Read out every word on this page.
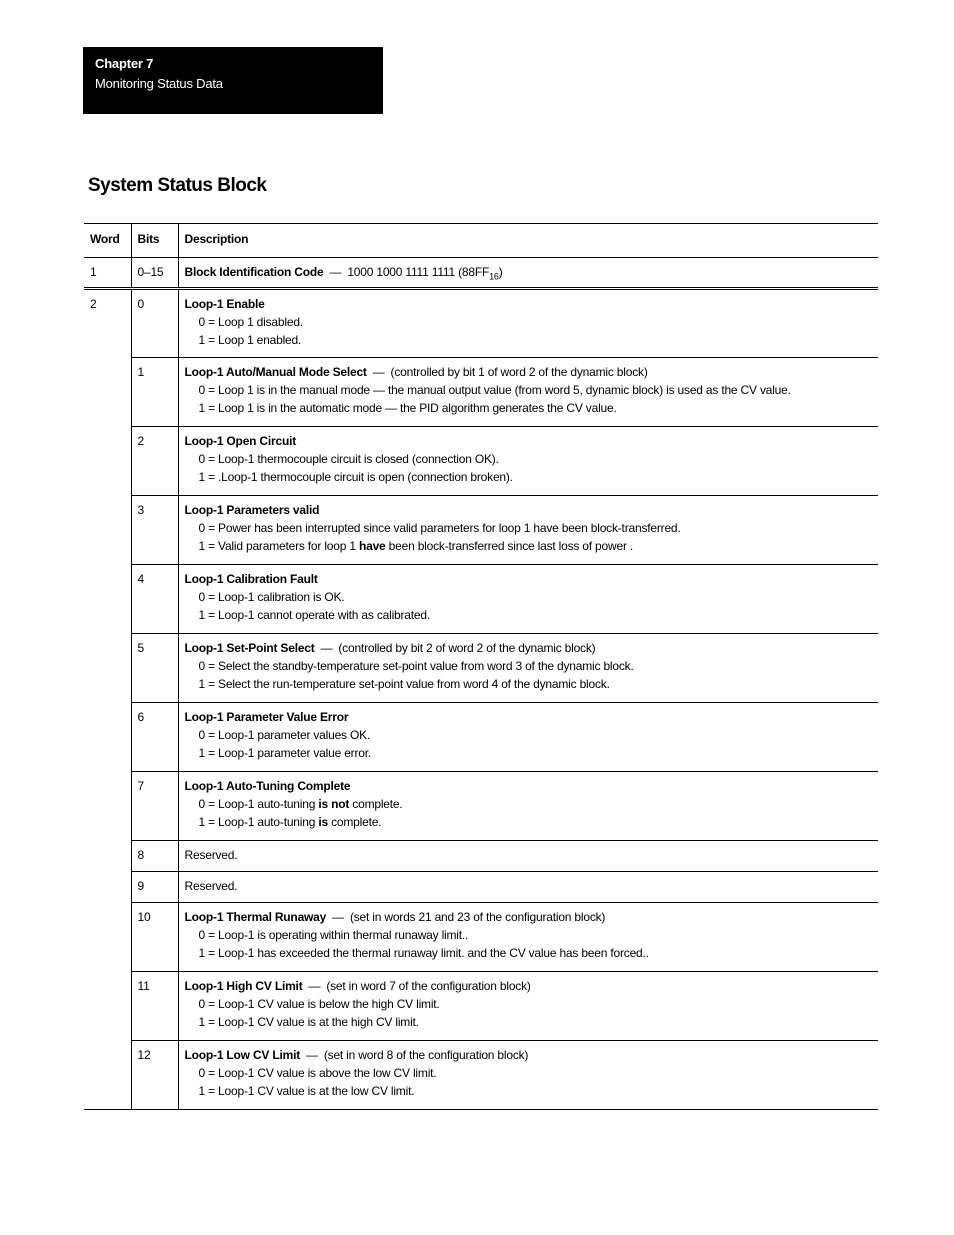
Chapter 7
Monitoring Status Data
System Status Block
Word	Bits	Description
1	0–15	Block Identification Code — 1000 1000 1111 1111 $(88FF_{16})$
2	0	Loop-1 Enable
0 = Loop 1 disabled.
1 = Loop 1 enabled.

	1	Loop-1 Auto/Manual Mode Select — (controlled by bit 1 of word 2 of the dynamic block)
0 = Loop 1 is in the manual mode — the manual output value (from word 5, dynamic block) is used as the CV value.
1 = Loop 1 is in the automatic mode — the PID algorithm generates the CV value.

	2	Loop-1 Open Circuit
0 = Loop-1 thermocouple circuit is closed (connection OK).
1 = .Loop-1 thermocouple circuit is open (connection broken).

	3	Loop-1 Parameters valid
0 = Power has been interrupted since valid parameters for loop 1 have been block-transferred.
1 = Valid parameters for loop 1 have been block-transferred since last loss of power .

	4	Loop-1 Calibration Fault
0 = Loop-1 calibration is OK.
1 = Loop-1 cannot operate with as calibrated.

	5	Loop-1 Set-Point Select — (controlled by bit 2 of word 2 of the dynamic block)
0 = Select the standby-temperature set-point value from word 3 of the dynamic block.
1 = Select the run-temperature set-point value from word 4 of the dynamic block.

	6	Loop-1 Parameter Value Error
0 = Loop-1 parameter values OK.
1 = Loop-1 parameter value error.

	7	Loop-1 Auto-Tuning Complete
0 = Loop-1 auto-tuning is not complete.
1 = Loop-1 auto-tuning is complete.

	8	Reserved.
	9	Reserved.
	10	Loop-1 Thermal Runaway — (set in words 21 and 23 of the configuration block)
0 = Loop-1 is operating within thermal runaway limit..
1 = Loop-1 has exceeded the thermal runaway limit. and the CV value has been forced..

	11	Loop-1 High CV Limit — (set in word 7 of the configuration block)
0 = Loop-1 CV value is below the high CV limit.
1 = Loop-1 CV value is at the high CV limit.

	12	Loop-1 Low CV Limit — (set in word 8 of the configuration block)
0 = Loop-1 CV value is above the low CV limit.
1 = Loop-1 CV value is at the low CV limit.
